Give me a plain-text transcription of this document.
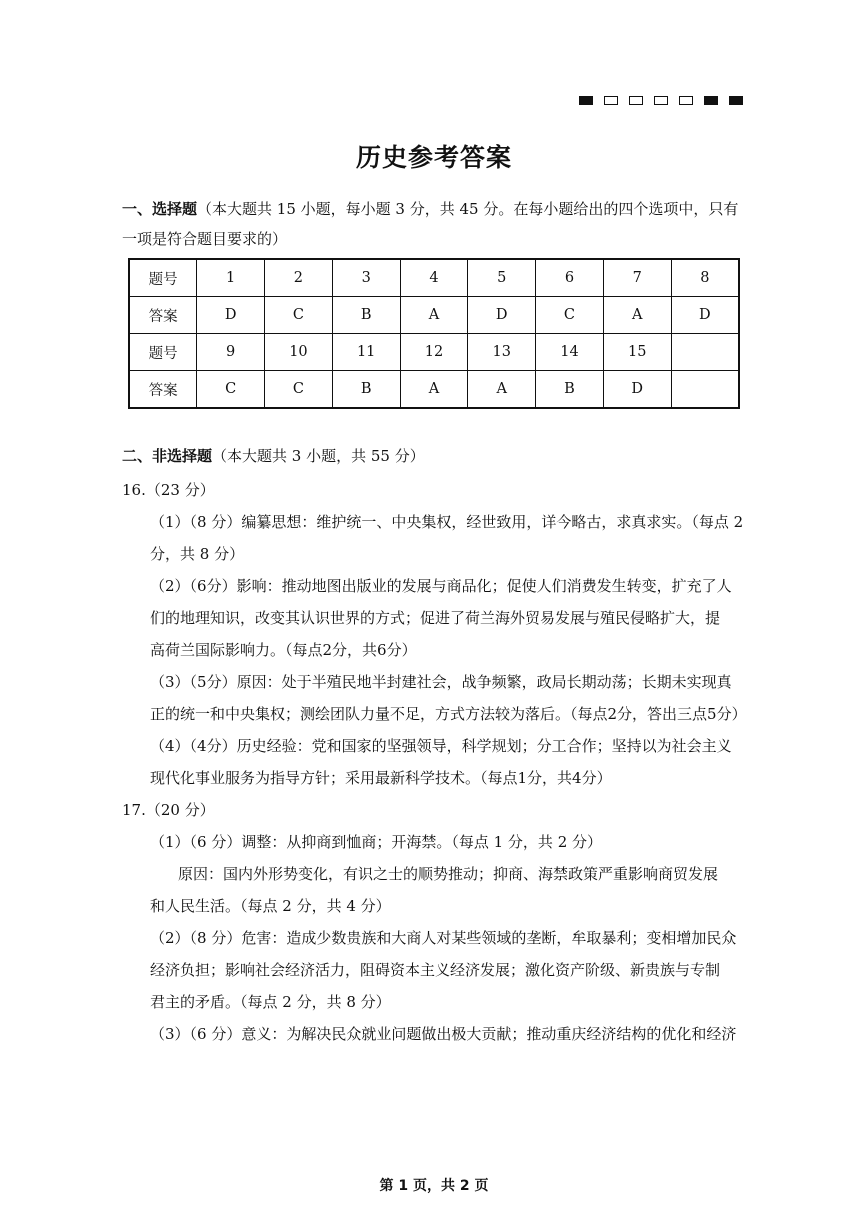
历史参考答案

一、选择题（本大题共 15 小题，每小题 3 分，共 45 分。在每小题给出的四个选项中，只有
一项是符合题目要求的）

题号	1	2	3	4	5	6	7	8
答案	D	C	B	A	D	C	A	D
题号	9	10	11	12	13	14	15	
答案	C	C	B	A	A	B	D	

二、非选择题（本大题共 3 小题，共 55 分）

16.（23 分）
（1）（8 分）编纂思想：维护统一、中央集权，经世致用，详今略古，求真求实。（每点 2
分，共 8 分）
（2）（6分）影响：推动地图出版业的发展与商品化；促使人们消费发生转变，扩充了人
们的地理知识，改变其认识世界的方式；促进了荷兰海外贸易发展与殖民侵略扩大，提
高荷兰国际影响力。（每点2分，共6分）
（3）（5分）原因：处于半殖民地半封建社会，战争频繁，政局长期动荡；长期未实现真
正的统一和中央集权；测绘团队力量不足，方式方法较为落后。（每点2分，答出三点5分）
（4）（4分）历史经验：党和国家的坚强领导，科学规划；分工合作；坚持以为社会主义
现代化事业服务为指导方针；采用最新科学技术。（每点1分，共4分）
17.（20 分）
（1）（6 分）调整：从抑商到恤商；开海禁。（每点 1 分，共 2 分）
原因：国内外形势变化，有识之士的顺势推动；抑商、海禁政策严重影响商贸发展
和人民生活。（每点 2 分，共 4 分）
（2）（8 分）危害：造成少数贵族和大商人对某些领域的垄断，牟取暴利；变相增加民众
经济负担；影响社会经济活力，阻碍资本主义经济发展；激化资产阶级、新贵族与专制
君主的矛盾。（每点 2 分，共 8 分）
（3）（6 分）意义：为解决民众就业问题做出极大贡献；推动重庆经济结构的优化和经济
第 1 页，共 2 页
